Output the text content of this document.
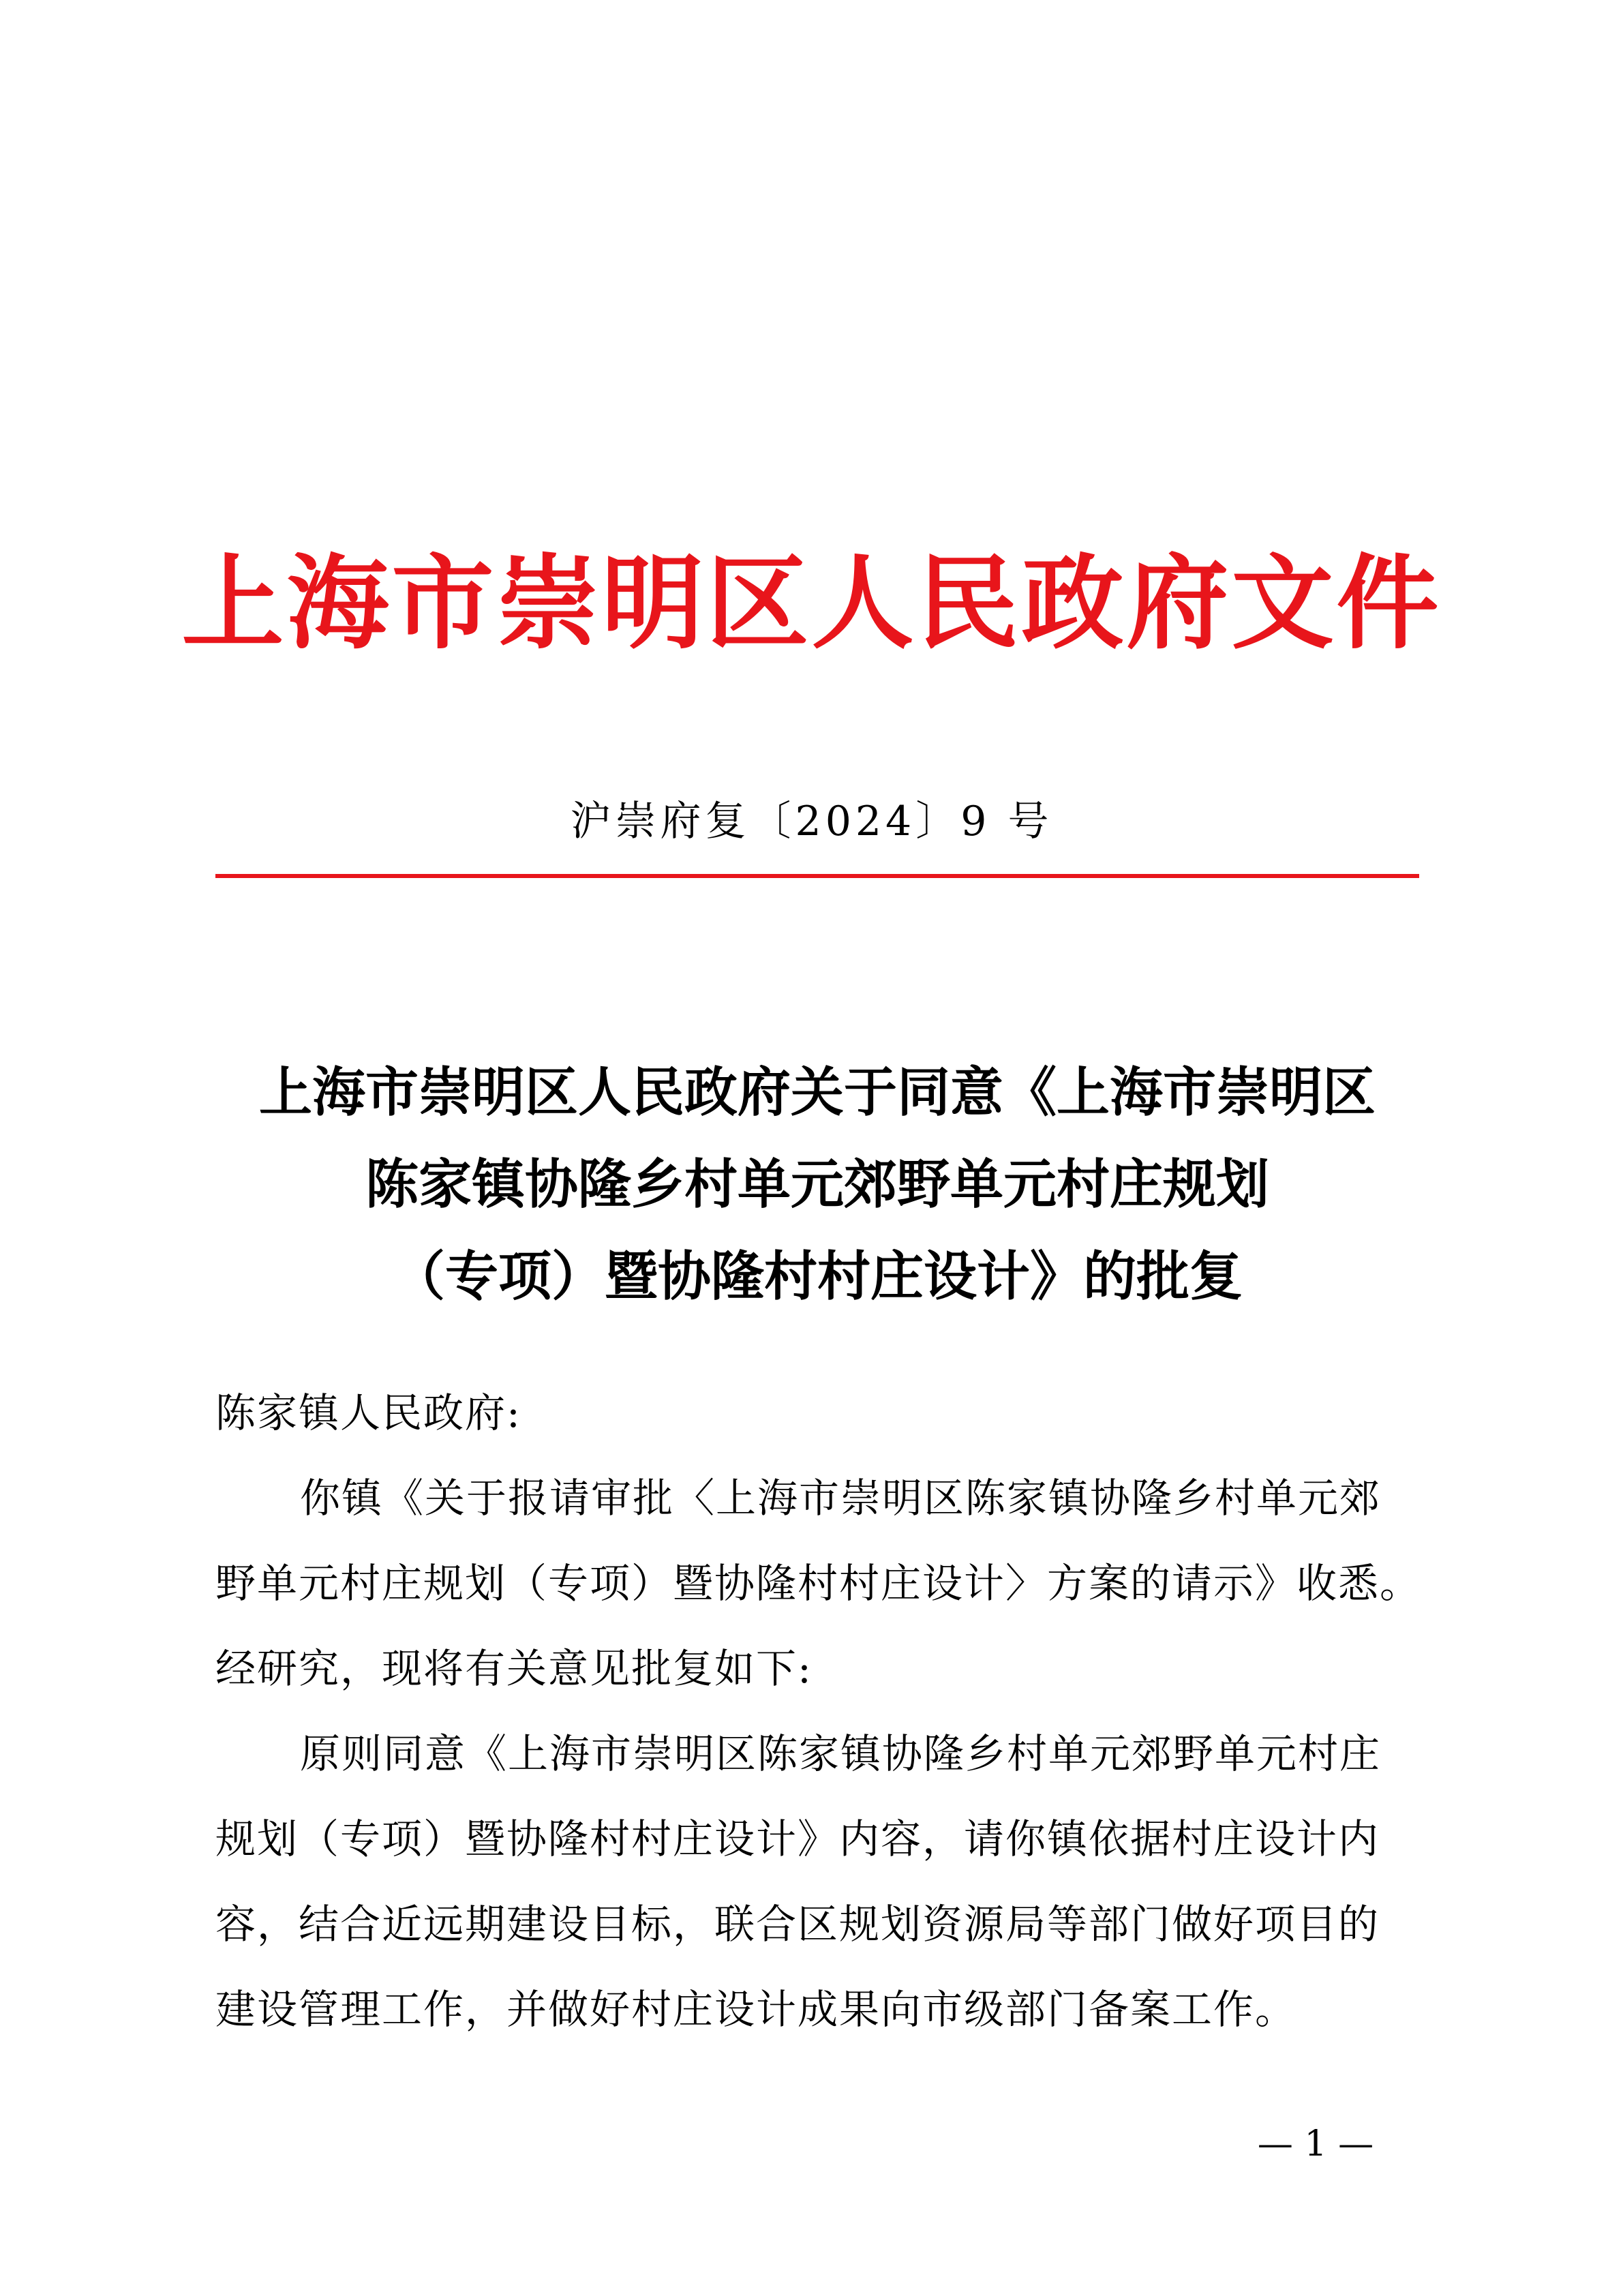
上海市崇明区人民政府文件
沪崇府复〔2024〕9 号
上海市崇明区人民政府关于同意《上海市崇明区
陈家镇协隆乡村单元郊野单元村庄规划
（专项）暨协隆村村庄设计》的批复
陈家镇人民政府:
你镇《关于报请审批〈上海市崇明区陈家镇协隆乡村单元郊
野单元村庄规划（专项）暨协隆村村庄设计〉方案的请示》收悉。
经研究，现将有关意见批复如下:
原则同意《上海市崇明区陈家镇协隆乡村单元郊野单元村庄
规划（专项）暨协隆村村庄设计》内容，请你镇依据村庄设计内
容，结合近远期建设目标，联合区规划资源局等部门做好项目的
建设管理工作，并做好村庄设计成果向市级部门备案工作。
— 1 —
